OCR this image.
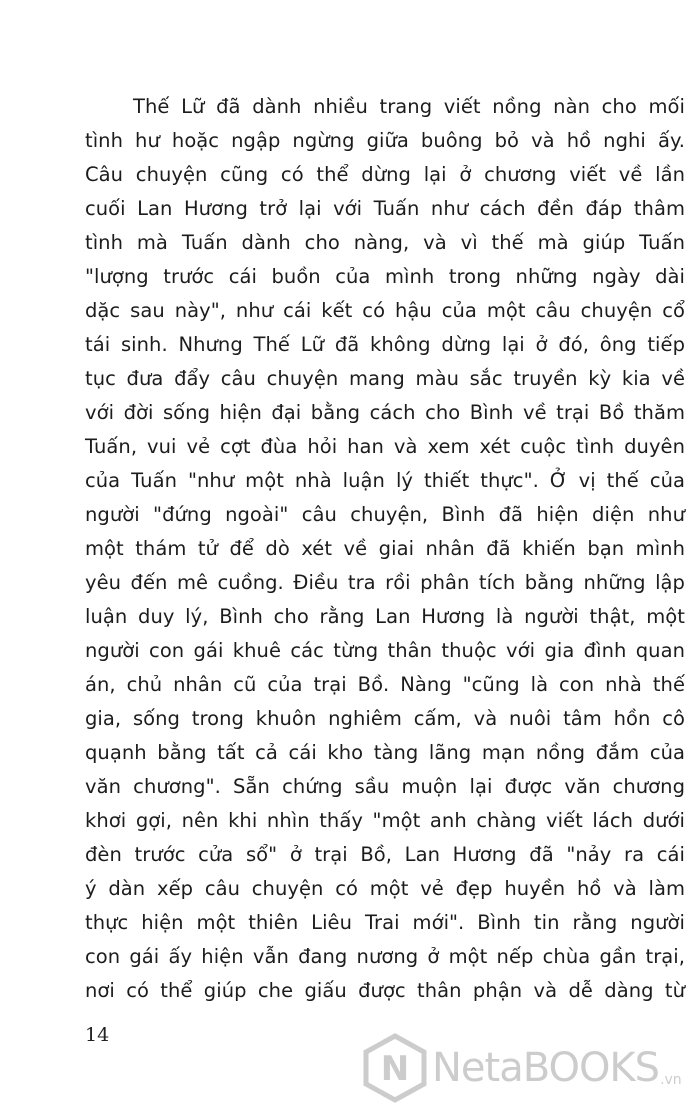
Thế Lữ đã dành nhiều trang viết nồng nàn cho mối
tình hư hoặc ngập ngừng giữa buông bỏ và hồ nghi ấy.
Câu chuyện cũng có thể dừng lại ở chương viết về lần
cuối Lan Hương trở lại với Tuấn như cách đền đáp thâm
tình mà Tuấn dành cho nàng, và vì thế mà giúp Tuấn
"lượng trước cái buồn của mình trong những ngày dài
dặc sau này", như cái kết có hậu của một câu chuyện cổ
tái sinh. Nhưng Thế Lữ đã không dừng lại ở đó, ông tiếp
tục đưa đẩy câu chuyện mang màu sắc truyền kỳ kia về
với đời sống hiện đại bằng cách cho Bình về trại Bồ thăm
Tuấn, vui vẻ cợt đùa hỏi han và xem xét cuộc tình duyên
của Tuấn "như một nhà luận lý thiết thực". Ở vị thế của
người "đứng ngoài" câu chuyện, Bình đã hiện diện như
một thám tử để dò xét về giai nhân đã khiến bạn mình
yêu đến mê cuồng. Điều tra rồi phân tích bằng những lập
luận duy lý, Bình cho rằng Lan Hương là người thật, một
người con gái khuê các từng thân thuộc với gia đình quan
án, chủ nhân cũ của trại Bồ. Nàng "cũng là con nhà thế
gia, sống trong khuôn nghiêm cấm, và nuôi tâm hồn cô
quạnh bằng tất cả cái kho tàng lãng mạn nồng đắm của
văn chương". Sẵn chứng sầu muộn lại được văn chương
khơi gợi, nên khi nhìn thấy "một anh chàng viết lách dưới
đèn trước cửa sổ" ở trại Bồ, Lan Hương đã "nảy ra cái
ý dàn xếp câu chuyện có một vẻ đẹp huyền hồ và làm
thực hiện một thiên Liêu Trai mới". Bình tin rằng người
con gái ấy hiện vẫn đang nương ở một nếp chùa gần trại,
nơi có thể giúp che giấu được thân phận và dễ dàng từ
14
N NetaBOOKS .vn
